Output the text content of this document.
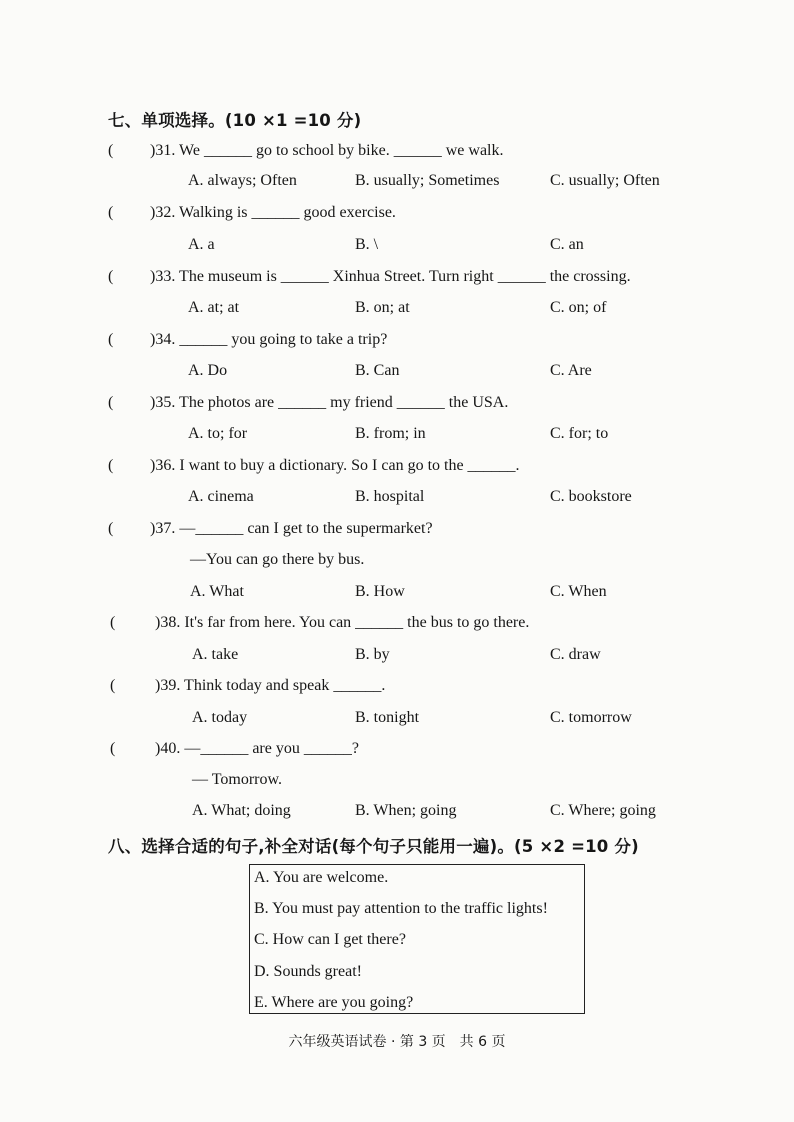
七、单项选择。(10 ×1 =10 分)
( )31. We ______ go to school by bike. ______ we walk.
A. always; Often	B. usually; Sometimes	C. usually; Often
( )32. Walking is ______ good exercise.
A. a	B. \	C. an
( )33. The museum is ______ Xinhua Street. Turn right ______ the crossing.
A. at; at	B. on; at	C. on; of
( )34. ______ you going to take a trip?
A. Do	B. Can	C. Are
( )35. The photos are ______ my friend ______ the USA.
A. to; for	B. from; in	C. for; to
( )36. I want to buy a dictionary. So I can go to the ______.
A. cinema	B. hospital	C. bookstore
( )37. —______ can I get to the supermarket?
—You can go there by bus.
A. What	B. How	C. When
( )38. It's far from here. You can ______ the bus to go there.
A. take	B. by	C. draw
( )39. Think today and speak ______.
A. today	B. tonight	C. tomorrow
( )40. —______ are you ______?
— Tomorrow.
A. What; doing	B. When; going	C. Where; going
八、选择合适的句子,补全对话(每个句子只能用一遍)。(5 ×2 =10 分)
A. You are welcome.
B. You must pay attention to the traffic lights!
C. How can I get there?
D. Sounds great!
E. Where are you going?
六年级英语试卷 · 第 3 页　共 6 页
